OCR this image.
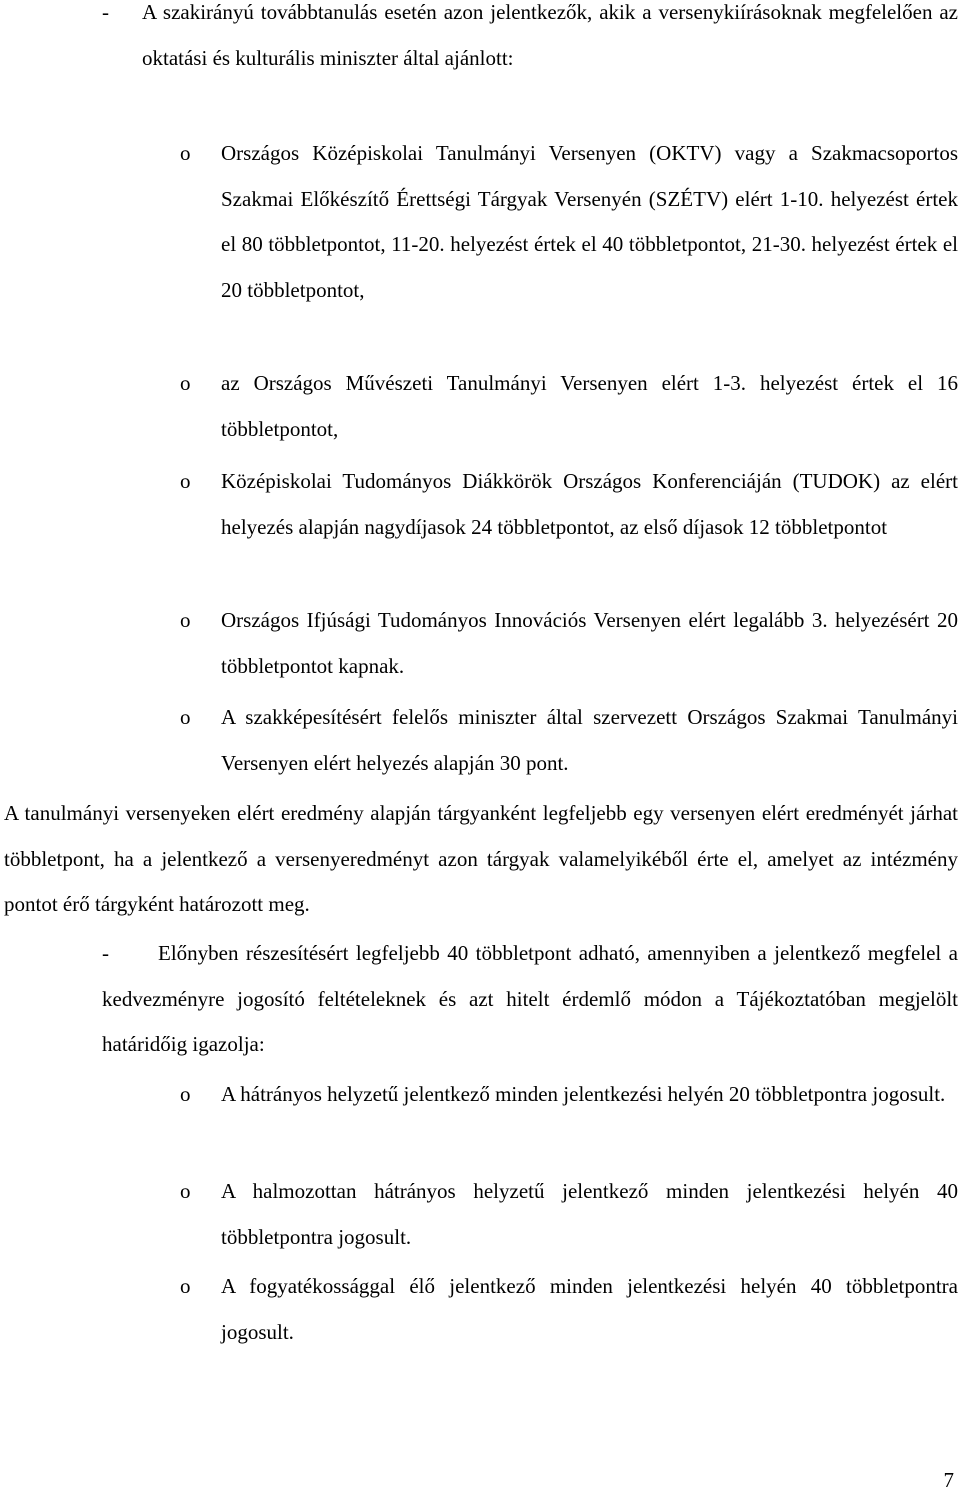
- A szakirányú továbbtanulás esetén azon jelentkezők, akik a versenykiírásoknak megfelelően az oktatási és kulturális miniszter által ajánlott:
o Országos Középiskolai Tanulmányi Versenyen (OKTV) vagy a Szakmacsoportos Szakmai Előkészítő Érettségi Tárgyak Versenyén (SZÉTV) elért 1-10. helyezést értek el 80 többletpontot, 11-20. helyezést értek el 40 többletpontot, 21-30. helyezést értek el 20 többletpontot,
o az Országos Művészeti Tanulmányi Versenyen elért 1-3. helyezést értek el 16 többletpontot,
o Középiskolai Tudományos Diákkörök Országos Konferenciáján (TUDOK) az elért helyezés alapján nagydíjasok 24 többletpontot, az első díjasok 12 többletpontot
o Országos Ifjúsági Tudományos Innovációs Versenyen elért legalább 3. helyezésért 20 többletpontot kapnak.
o A szakképesítésért felelős miniszter által szervezett Országos Szakmai Tanulmányi Versenyen elért helyezés alapján 30 pont.
A tanulmányi versenyeken elért eredmény alapján tárgyanként legfeljebb egy versenyen elért eredményét járhat többletpont, ha a jelentkező a versenyeredményt azon tárgyak valamelyikéből érte el, amelyet az intézmény pontot érő tárgyként határozott meg.
-	Előnyben részesítésért legfeljebb 40 többletpont adható, amennyiben a jelentkező megfelel a kedvezményre jogosító feltételeknek és azt hitelt érdemlő módon a Tájékoztatóban megjelölt határidőig igazolja:
o A hátrányos helyzetű jelentkező minden jelentkezési helyén 20 többletpontra jogosult.
o A halmozottan hátrányos helyzetű jelentkező minden jelentkezési helyén 40 többletpontra jogosult.
o A fogyatékossággal élő jelentkező minden jelentkezési helyén 40 többletpontra jogosult.
7
